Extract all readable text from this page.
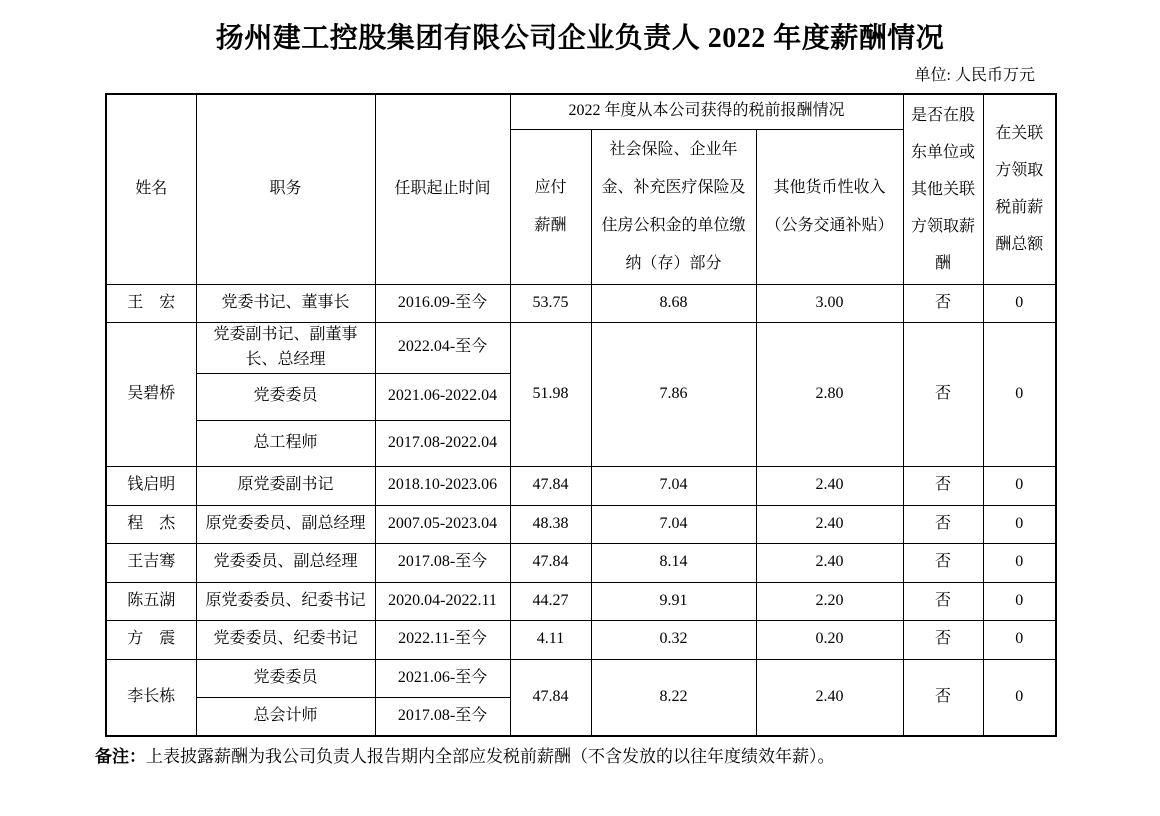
扬州建工控股集团有限公司企业负责人 2022 年度薪酬情况
单位: 人民币万元
姓名	职务	任职起止时间	2022 年度从本公司获得的税前报酬情况			是否在股东单位或其他关联方领取薪酬	在关联方领取税前薪酬总额
			应付薪酬	社会保险、企业年金、补充医疗保险及住房公积金的单位缴纳（存）部分	其他货币性收入（公务交通补贴）		
王　宏	党委书记、董事长	2016.09-至今	53.75	8.68	3.00	否	0
吴碧桥	党委副书记、副董事长、总经理	2022.04-至今	51.98	7.86	2.80	否	0
	党委委员	2021.06-2022.04					
	总工程师	2017.08-2022.04					
钱启明	原党委副书记	2018.10-2023.06	47.84	7.04	2.40	否	0
程　杰	原党委委员、副总经理	2007.05-2023.04	48.38	7.04	2.40	否	0
王吉骞	党委委员、副总经理	2017.08-至今	47.84	8.14	2.40	否	0
陈五湖	原党委委员、纪委书记	2020.04-2022.11	44.27	9.91	2.20	否	0
方　震	党委委员、纪委书记	2022.11-至今	4.11	0.32	0.20	否	0
李长栋	党委委员	2021.06-至今	47.84	8.22	2.40	否	0
	总会计师	2017.08-至今					
备注：上表披露薪酬为我公司负责人报告期内全部应发税前薪酬（不含发放的以往年度绩效年薪）。
